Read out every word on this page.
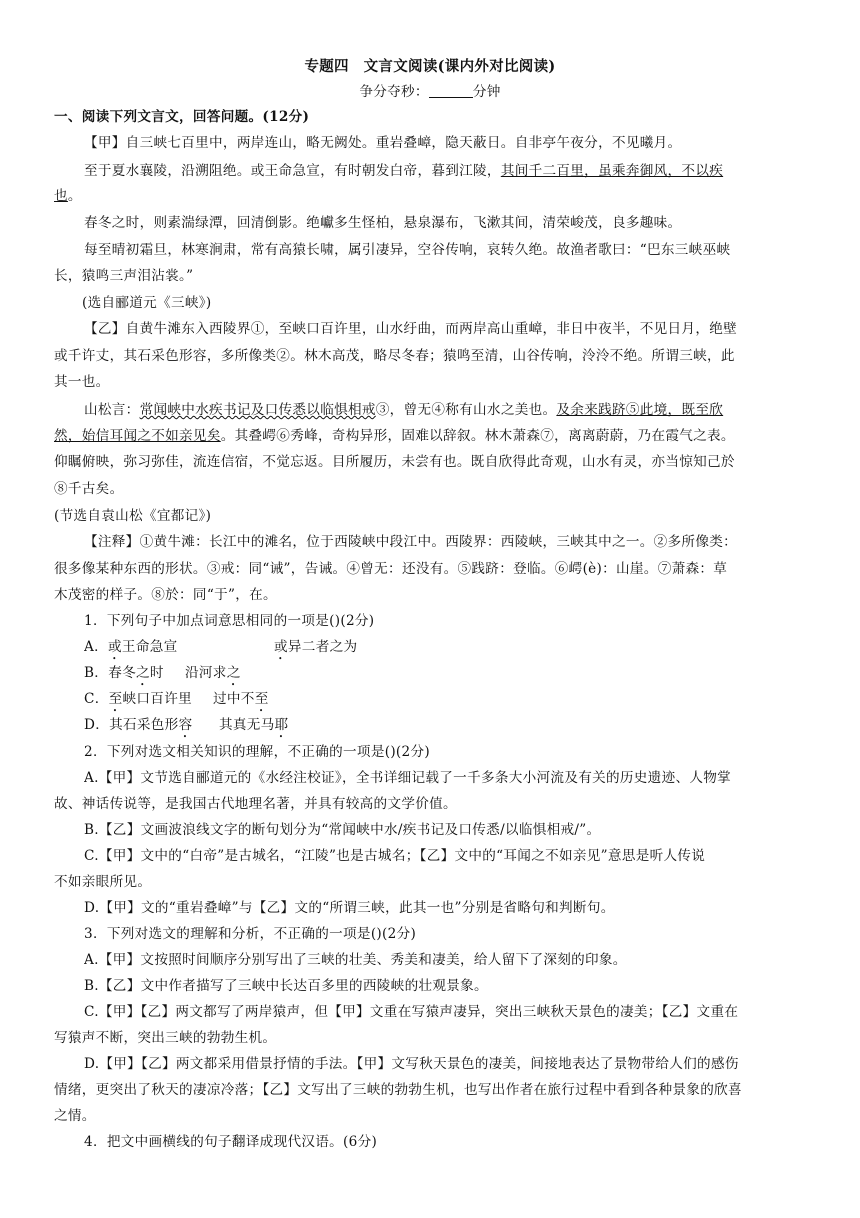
专题四　文言文阅读(课内外对比阅读)
争分夺秒：	分钟
一、阅读下列文言文，回答问题。(12分)
【甲】自三峡七百里中，两岸连山，略无阙处。重岩叠嶂，隐天蔽日。自非亭午夜分，不见曦月。
至于夏水襄陵，沿溯阻绝。或王命急宣，有时朝发白帝，暮到江陵，其间千二百里，虽乘奔御风，不以疾
也。
春冬之时，则素湍绿潭，回清倒影。绝巘多生怪柏，悬泉瀑布，飞漱其间，清荣峻茂，良多趣味。
每至晴初霜旦，林寒涧肃，常有高猿长啸，属引凄异，空谷传响，哀转久绝。故渔者歌曰：“巴东三峡巫峡
长，猿鸣三声泪沾裳。”
(选自郦道元《三峡》)
【乙】自黄牛滩东入西陵界①，至峡口百许里，山水纡曲，而两岸高山重嶂，非日中夜半，不见日月，绝壁
或千许丈，其石采色形容，多所像类②。林木高茂，略尽冬春；猿鸣至清，山谷传响，泠泠不绝。所谓三峡，此
其一也。
山松言：常闻峡中水疾书记及口传悉以临惧相戒③，曾无④称有山水之美也。及余来践跻⑤此境，既至欣
然，始信耳闻之不如亲见矣。其叠崿⑥秀峰，奇构异形，固难以辞叙。林木萧森⑦，离离蔚蔚，乃在霞气之表。
仰瞩俯映，弥习弥佳，流连信宿，不觉忘返。目所履历，未尝有也。既自欣得此奇观，山水有灵，亦当惊知己於
⑧千古矣。
(节选自袁山松《宜都记》)
【注释】①黄牛滩：长江中的滩名，位于西陵峡中段江中。西陵界：西陵峡，三峡其中之一。②多所像类：
很多像某种东西的形状。③戒：同“诫”，告诫。④曾无：还没有。⑤践跻：登临。⑥崿(è)：山崖。⑦萧森：草
木茂密的样子。⑧於：同“于”，在。
1．下列句子中加点词意思相同的一项是()(2分)
A．或王命急宣	或异二者之为
B．春冬之时 沿河求之
C．至峡口百许里 过中不至
D．其石采色形容 其真无马耶
2．下列对选文相关知识的理解，不正确的一项是()(2分)
A.【甲】文节选自郦道元的《水经注校证》，全书详细记载了一千多条大小河流及有关的历史遗迹、人物掌
故、神话传说等，是我国古代地理名著，并具有较高的文学价值。
B.【乙】文画波浪线文字的断句划分为“常闻峡中水/疾书记及口传悉/以临惧相戒/”。
C.【甲】文中的“白帝”是古城名，“江陵”也是古城名；【乙】文中的“耳闻之不如亲见”意思是听人传说
不如亲眼所见。
D.【甲】文的“重岩叠嶂”与【乙】文的“所谓三峡，此其一也”分别是省略句和判断句。
3．下列对选文的理解和分析，不正确的一项是()(2分)
A.【甲】文按照时间顺序分别写出了三峡的壮美、秀美和凄美，给人留下了深刻的印象。
B.【乙】文中作者描写了三峡中长达百多里的西陵峡的壮观景象。
C.【甲】【乙】两文都写了两岸猿声，但【甲】文重在写猿声凄异，突出三峡秋天景色的凄美；【乙】文重在
写猿声不断，突出三峡的勃勃生机。
D.【甲】【乙】两文都采用借景抒情的手法。【甲】文写秋天景色的凄美，间接地表达了景物带给人们的感伤
情绪，更突出了秋天的凄凉冷落；【乙】文写出了三峡的勃勃生机，也写出作者在旅行过程中看到各种景象的欣喜
之情。
4．把文中画横线的句子翻译成现代汉语。(6分)
